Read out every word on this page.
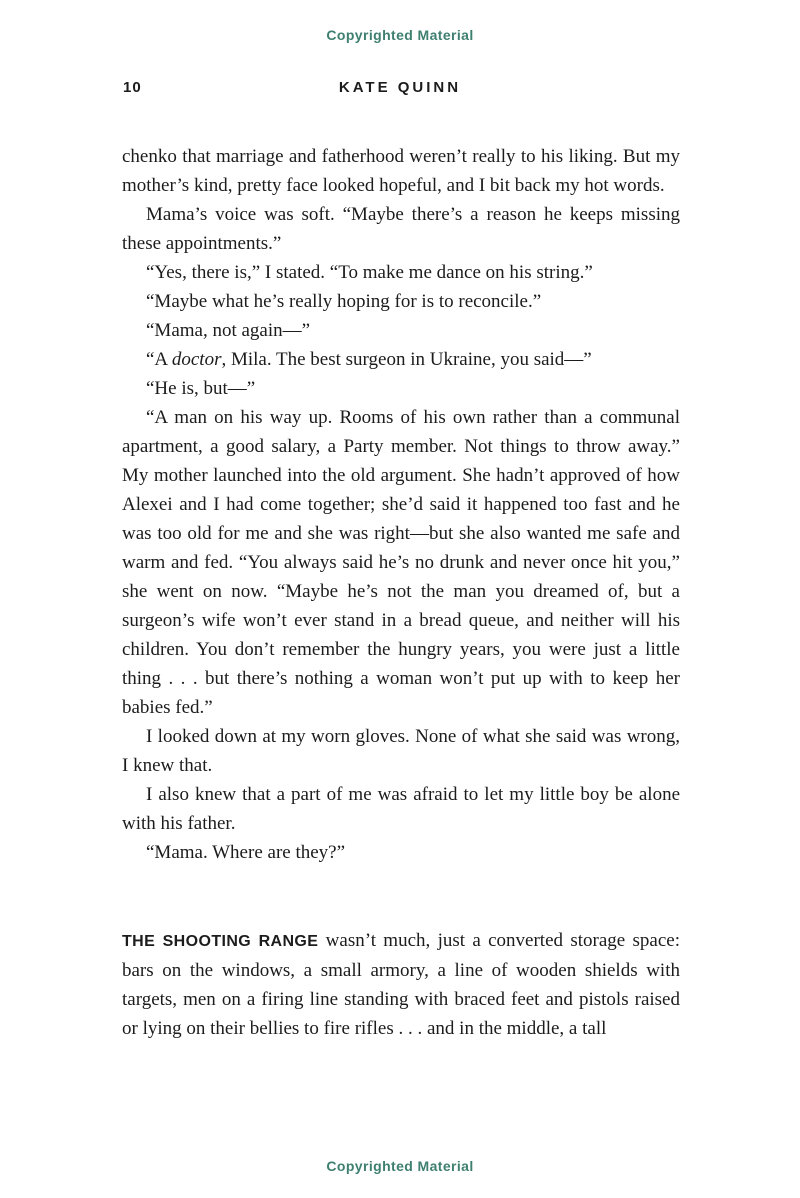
Copyrighted Material
10	KATE QUINN

chenko that marriage and fatherhood weren’t really to his liking. But my mother’s kind, pretty face looked hopeful, and I bit back my hot words.

Mama’s voice was soft. “Maybe there’s a reason he keeps missing these appointments.”

“Yes, there is,” I stated. “To make me dance on his string.”

“Maybe what he’s really hoping for is to reconcile.”

“Mama, not again—”

“A doctor, Mila. The best surgeon in Ukraine, you said—”

“He is, but—”

“A man on his way up. Rooms of his own rather than a communal apartment, a good salary, a Party member. Not things to throw away.” My mother launched into the old argument. She hadn’t approved of how Alexei and I had come together; she’d said it happened too fast and he was too old for me and she was right—but she also wanted me safe and warm and fed. “You always said he’s no drunk and never once hit you,” she went on now. “Maybe he’s not the man you dreamed of, but a surgeon’s wife won’t ever stand in a bread queue, and neither will his children. You don’t remember the hungry years, you were just a little thing . . . but there’s nothing a woman won’t put up with to keep her babies fed.”

I looked down at my worn gloves. None of what she said was wrong, I knew that.

I also knew that a part of me was afraid to let my little boy be alone with his father.

“Mama. Where are they?”

THE SHOOTING RANGE wasn’t much, just a converted storage space: bars on the windows, a small armory, a line of wooden shields with targets, men on a firing line standing with braced feet and pistols raised or lying on their bellies to fire rifles . . . and in the middle, a tall

Copyrighted Material
